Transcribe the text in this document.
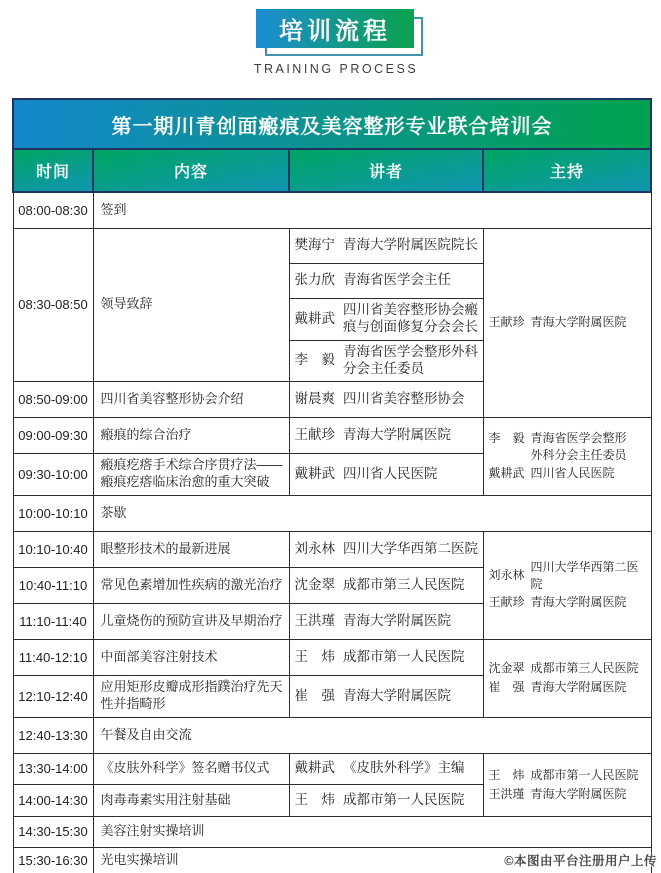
培训流程
TRAINING PROCESS
第一期川青创面瘢痕及美容整形专业联合培训会			
时间	内容	讲者	主持
08:00-08:30	签到		
08:30-08:50	领导致辞	樊海宁 青海大学附属医院院长	王献珍 青海大学附属医院

		张力欣 青海省医学会主任	

		戴耕武
四川省美容整形协会瘢痕与创面修复分会会长	

		李　毅
青海省医学会整形外科分会主任委员	

08:50-09:00	四川省美容整形协会介绍	谢晨爽 四川省美容整形协会	

09:00-09:30	瘢痕的综合治疗	王献珍 青海大学附属医院	李　毅 青海省医学会整形外科分会主任委员
戴耕武 四川省人民医院

09:30-10:00	瘢痕疙瘩手术综合序贯疗法——瘢痕疙瘩临床治愈的重大突破	戴耕武 四川省人民医院	

10:00-10:10	茶歇		
10:10-10:40	眼整形技术的最新进展	刘永林 四川大学华西第二医院

刘永林
四川大学华西第二医院
王献珍 青海大学附属医院

10:40-11:10	常见色素增加性疾病的激光治疗	沈金翠 成都市第三人民医院	

11:10-11:40	儿童烧伤的预防宣讲及早期治疗	王洪瑾 青海大学附属医院	

11:40-12:10	中面部美容注射技术	王　炜 成都市第一人民医院

沈金翠 成都市第三人民医院
崔　强 青海大学附属医院

12:10-12:40	应用矩形皮瓣成形指蹼治疗先天性并指畸形	崔　强 青海大学附属医院	

12:40-13:30	午餐及自由交流		
13:30-14:00	《皮肤外科学》签名赠书仪式	戴耕武 《皮肤外科学》主编	王　炜 成都市第一人民医院
王洪瑾 青海大学附属医院

14:00-14:30	肉毒毒素实用注射基础	王　炜 成都市第一人民医院	

14:30-15:30	美容注射实操培训		
15:30-16:30	光电实操培训			©本图由平台注册用户上传
